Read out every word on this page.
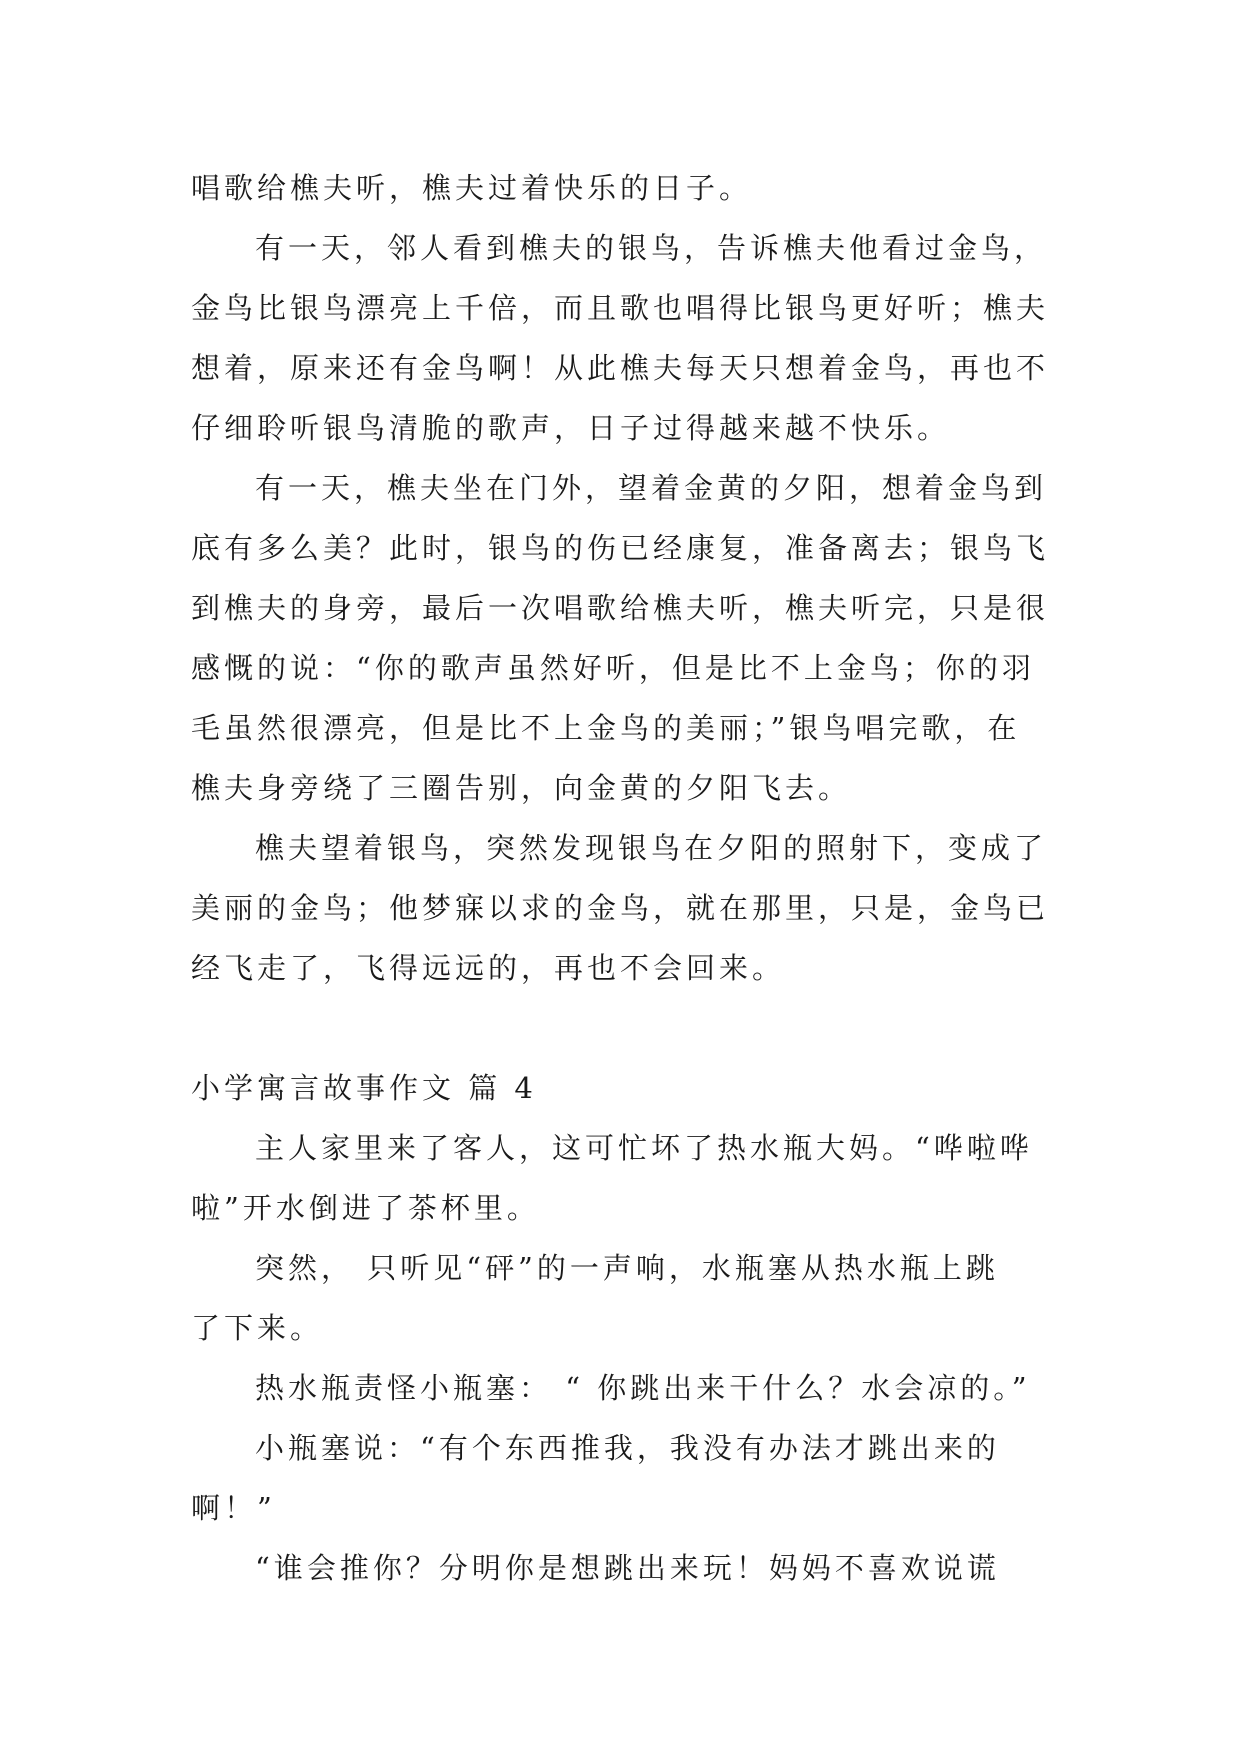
唱歌给樵夫听，樵夫过着快乐的日子。

有一天，邻人看到樵夫的银鸟，告诉樵夫他看过金鸟，

金鸟比银鸟漂亮上千倍，而且歌也唱得比银鸟更好听；樵夫

想着，原来还有金鸟啊！从此樵夫每天只想着金鸟，再也不

仔细聆听银鸟清脆的歌声，日子过得越来越不快乐。

有一天，樵夫坐在门外，望着金黄的夕阳，想着金鸟到

底有多么美？此时，银鸟的伤已经康复，准备离去；银鸟飞

到樵夫的身旁，最后一次唱歌给樵夫听，樵夫听完，只是很

感慨的说：“你的歌声虽然好听，但是比不上金鸟；你的羽

毛虽然很漂亮，但是比不上金鸟的美丽；”银鸟唱完歌，在

樵夫身旁绕了三圈告别，向金黄的夕阳飞去。

樵夫望着银鸟，突然发现银鸟在夕阳的照射下，变成了

美丽的金鸟；他梦寐以求的金鸟，就在那里，只是，金鸟已

经飞走了，飞得远远的，再也不会回来。

小学寓言故事作文 篇 4

主人家里来了客人，这可忙坏了热水瓶大妈。“哗啦哗

啦”开水倒进了茶杯里。

突然， 只听见“砰”的一声响，水瓶塞从热水瓶上跳

了下来。

热水瓶责怪小瓶塞： “ 你跳出来干什么？水会凉的。”

小瓶塞说：“有个东西推我，我没有办法才跳出来的

啊！”

“谁会推你？分明你是想跳出来玩！妈妈不喜欢说谎
